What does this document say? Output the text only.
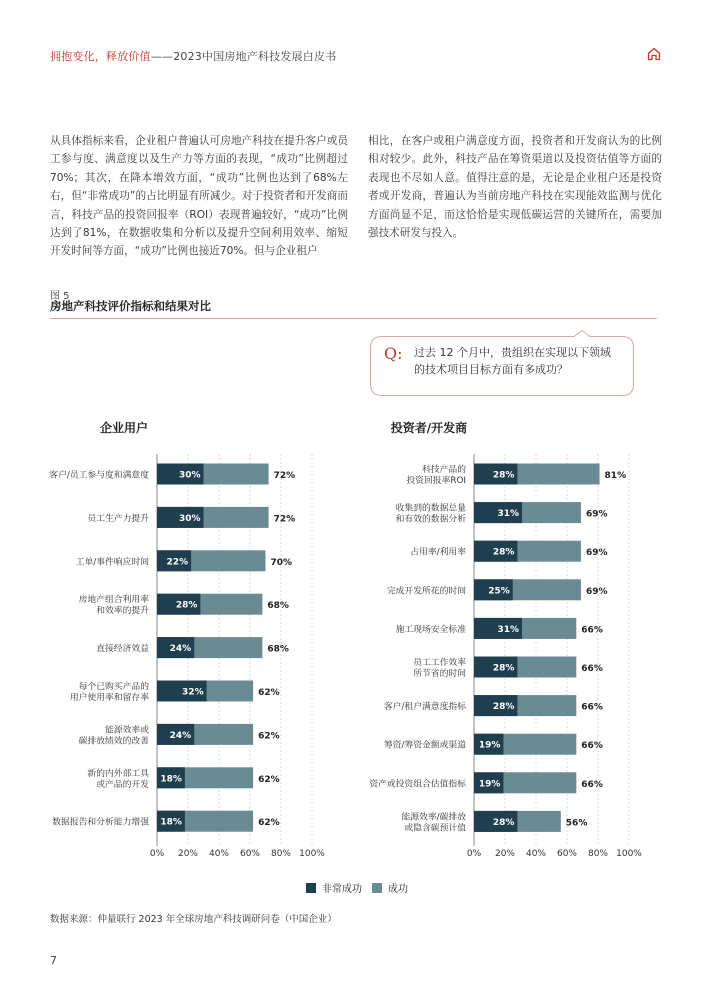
拥抱变化，释放价值——2023中国房地产科技发展白皮书
从具体指标来看，企业租户普遍认可房地产科技在提升客户或员工参与度、满意度以及生产力等方面的表现，“成功”比例超过70%；其次，在降本增效方面，“成功”比例也达到了68%左右，但“非常成功”的占比明显有所减少。对于投资者和开发商而言，科技产品的投资回报率（ROI）表现普遍较好，“成功”比例达到了81%，在数据收集和分析以及提升空间利用效率、缩短开发时间等方面，“成功”比例也接近70%。但与企业租户
相比，在客户或租户满意度方面，投资者和开发商认为的比例相对较少。此外，科技产品在筹资渠道以及投资估值等方面的表现也不尽如人意。值得注意的是，无论是企业租户还是投资者或开发商，普遍认为当前房地产科技在实现能效监测与优化方面尚显不足，而这恰恰是实现低碳运营的关键所在，需要加强技术研发与投入。
图 5
房地产科技评价指标和结果对比
Q: 过去 12 个月中，贵组织在实现以下领域的技术项目目标方面有多成功？
企业用户
0% 20% 40% 60% 80% 100%
客户/员工参与度和满意度	30%	72%
员工生产力提升	30%	72%
工单/事件响应时间 22%	70%
房地产组合利用率
和效率的提升
28%	68%
直接经济效益 24%	68%
每个已购买产品的
用户使用率和留存率
32%	62%
能源效率或
碳排放绩效的改善
24%	62%
新的内外部工具
或产品的开发
18%	62%
数据报告和分析能力增强 18%	62%
投资者/开发商
0% 20% 40% 60% 80% 100%
科技产品的
投资回报率ROI
28%	81%
收集到的数据总量
和有效的数据分析
31%	69%
占用率/利用率	28%	69%
完成开发所花的时间 25%	69%
施工现场安全标准	31%	66%
员工工作效率
所节省的时间
28%	66%
客户/租户满意度指标	28%	66%
筹资/筹资金额或渠道 19%	66%
资产或投资组合估值指标 19%	66%
能源效率/碳排放
或隐含碳预计值
28%	56%
非常成功	成功
数据来源：仲量联行 2023 年全球房地产科技调研问卷（中国企业）
7
